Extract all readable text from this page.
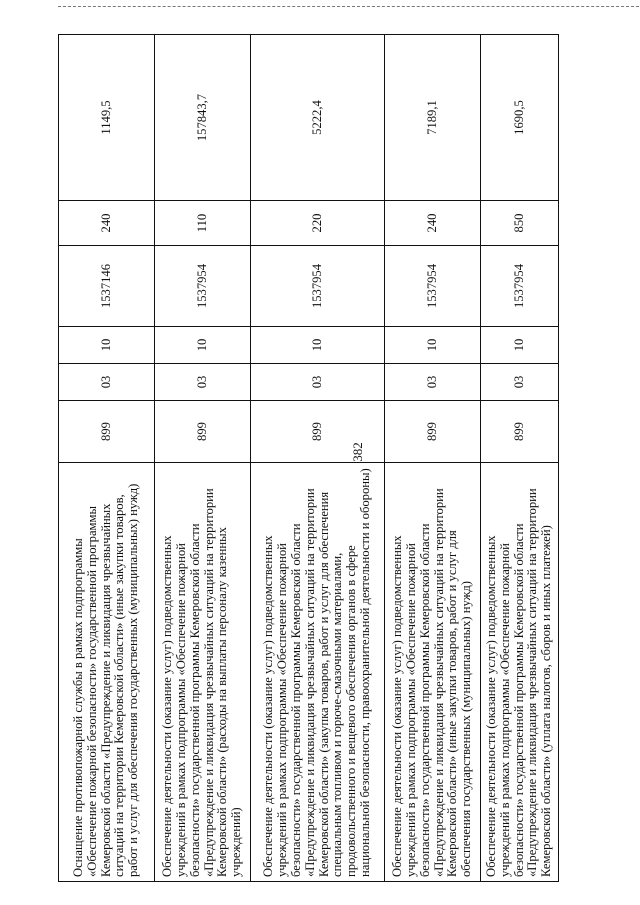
382
Оснащение противопожарной службы в рамках подпрограммы «Обеспечение пожарной безопасности» государственной программы Кемеровской области «Предупреждение и ликвидация чрезвычайных ситуаций на территории Кемеровской области» (иные закупки товаров, работ и услуг для обеспечения государственных (муниципальных) нужд)	899	03	10	1537146	240	1149,5
Обеспечение деятельности (оказание услуг) подведомственных учреждений в рамках подпрограммы «Обеспечение пожарной безопасности» государственной программы Кемеровской области «Предупреждение и ликвидация чрезвычайных ситуаций на территории Кемеровской области» (расходы на выплаты персоналу казенных учреждений)	899	03	10	1537954	110	157843,7
Обеспечение деятельности (оказание услуг) подведомственных учреждений в рамках подпрограммы «Обеспечение пожарной безопасности» государственной программы Кемеровской области «Предупреждение и ликвидация чрезвычайных ситуаций на территории Кемеровской области» (закупка товаров, работ и услуг для обеспечения специальным топливом и горюче-смазочными материалами, продовольственного и вещевого обеспечения органов в сфере национальной безопасности, правоохранительной деятельности и обороны)	899	03	10	1537954	220	5222,4
Обеспечение деятельности (оказание услуг) подведомственных учреждений в рамках подпрограммы «Обеспечение пожарной безопасности» государственной программы Кемеровской области «Предупреждение и ликвидация чрезвычайных ситуаций на территории Кемеровской области» (иные закупки товаров, работ и услуг для обеспечения государственных (муниципальных) нужд)	899	03	10	1537954	240	7189,1
Обеспечение деятельности (оказание услуг) подведомственных учреждений в рамках подпрограммы «Обеспечение пожарной безопасности» государственной программы Кемеровской области «Предупреждение и ликвидация чрезвычайных ситуаций на территории Кемеровской области» (уплата налогов, сборов и иных платежей)	899	03	10	1537954	850	1690,5
